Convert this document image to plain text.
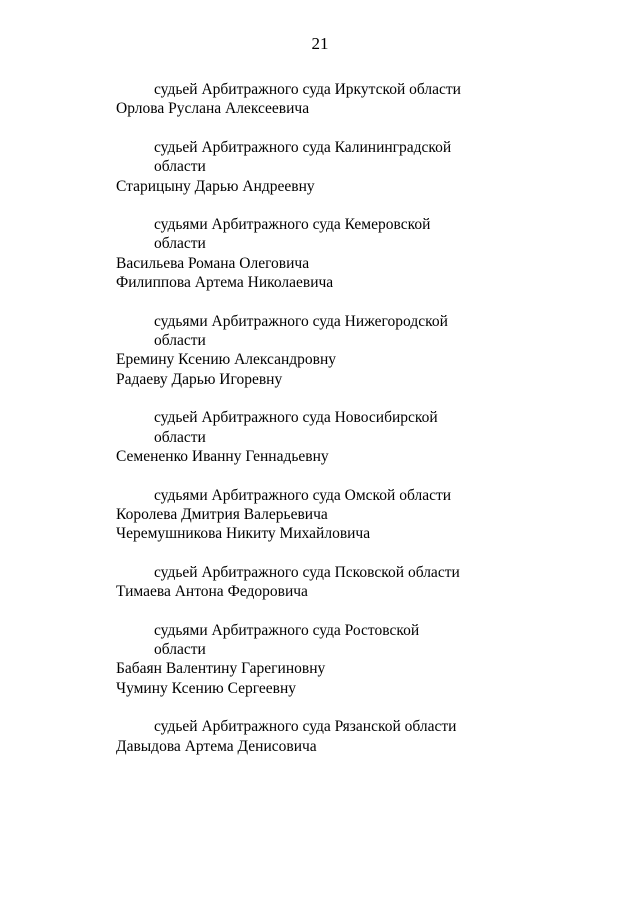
21

судьей Арбитражного суда Иркутской области

Орлова Руслана Алексеевича

судьей Арбитражного суда Калининградской

области

Старицыну Дарью Андреевну

судьями Арбитражного суда Кемеровской

области

Васильева Романа Олеговича

Филиппова Артема Николаевича

судьями Арбитражного суда Нижегородской

области

Еремину Ксению Александровну

Радаеву Дарью Игоревну

судьей Арбитражного суда Новосибирской

области

Семененко Иванну Геннадьевну

судьями Арбитражного суда Омской области

Королева Дмитрия Валерьевича

Черемушникова Никиту Михайловича

судьей Арбитражного суда Псковской области

Тимаева Антона Федоровича

судьями Арбитражного суда Ростовской

области

Бабаян Валентину Гарегиновну

Чумину Ксению Сергеевну

судьей Арбитражного суда Рязанской области

Давыдова Артема Денисовича
